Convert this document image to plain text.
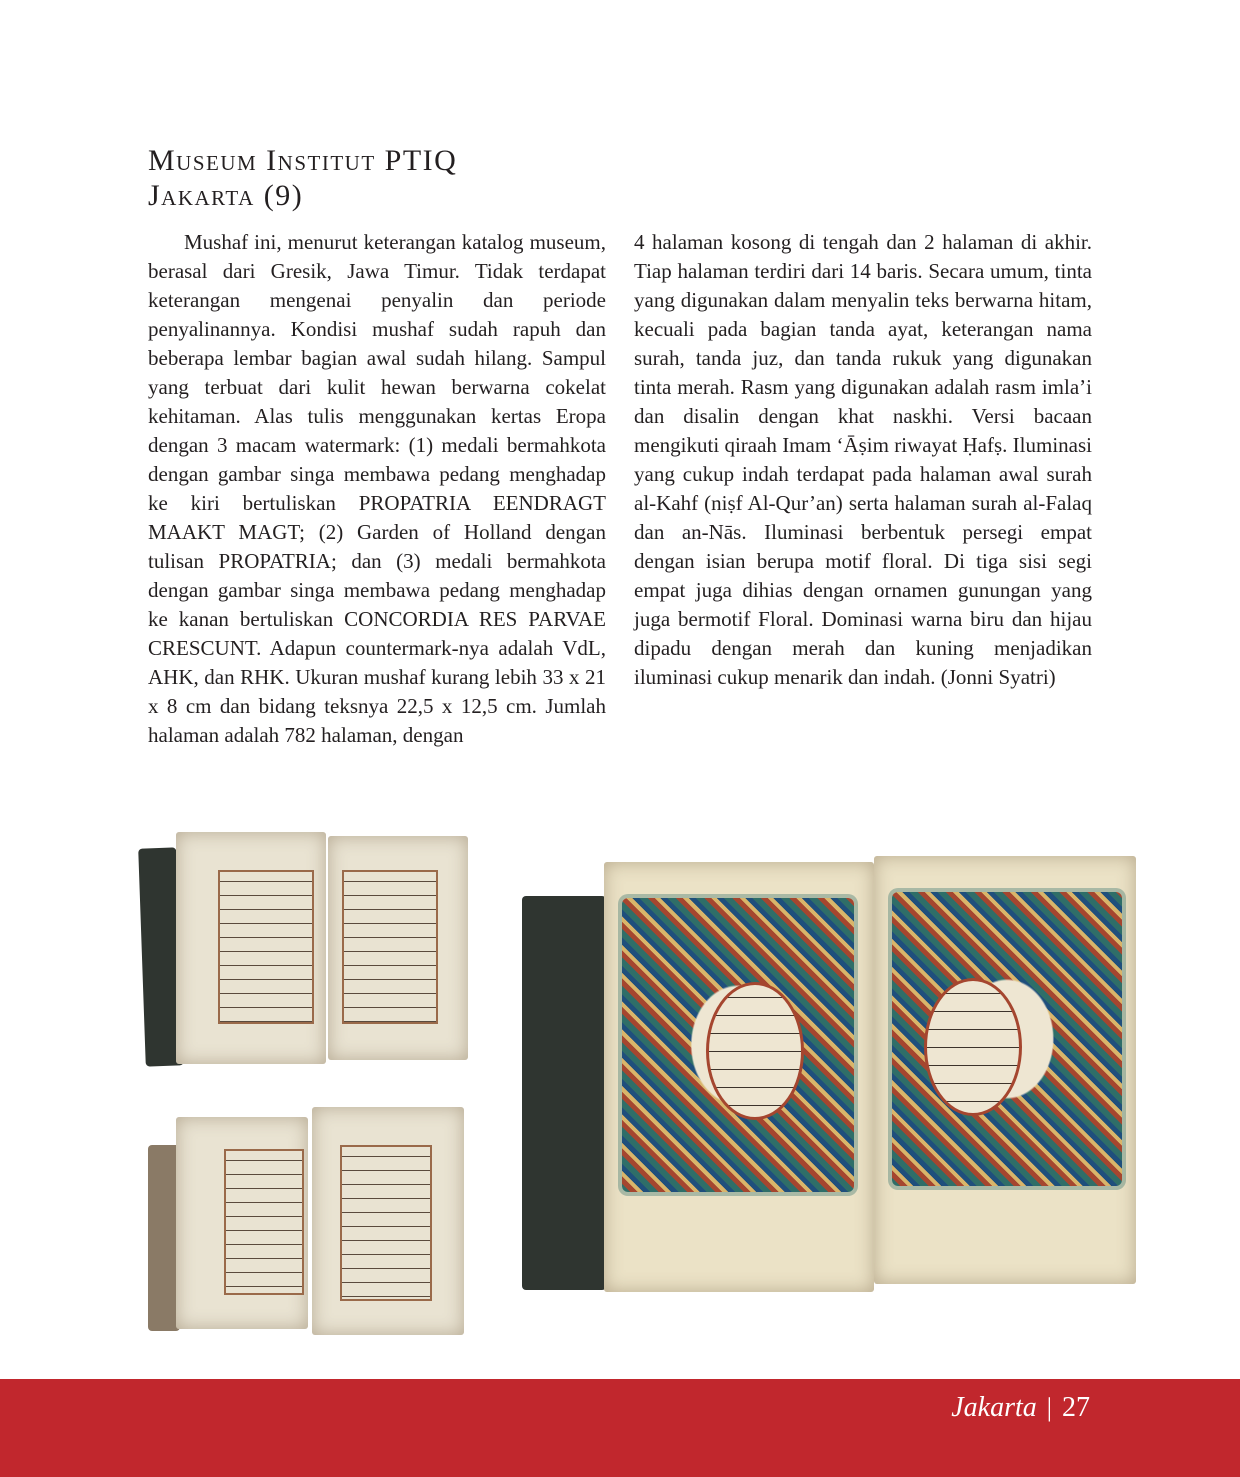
Museum Institut PTIQ
Jakarta (9)

Mushaf ini, menurut keterangan katalog museum, berasal dari Gresik, Jawa Timur. Tidak terdapat keterangan mengenai penyalin dan periode penyalinannya. Kondisi mushaf sudah rapuh dan beberapa lembar bagian awal sudah hilang. Sampul yang terbuat dari kulit hewan berwarna cokelat kehitaman. Alas tulis menggunakan kertas Eropa dengan 3 macam watermark: (1) medali bermahkota dengan gambar singa membawa pedang menghadap ke kiri bertuliskan PROPATRIA EENDRAGT MAAKT MAGT; (2) Garden of Holland dengan tulisan PROPATRIA; dan (3) medali bermahkota dengan gambar singa membawa pedang menghadap ke kanan bertuliskan CONCORDIA RES PARVAE CRESCUNT. Adapun countermark-nya adalah VdL, AHK, dan RHK. Ukuran mushaf kurang lebih 33 x 21 x 8 cm dan bidang teksnya 22,5 x 12,5 cm. Jumlah halaman adalah 782 halaman, dengan

4 halaman kosong di tengah dan 2 halaman di akhir. Tiap halaman terdiri dari 14 baris. Secara umum, tinta yang digunakan dalam menyalin teks berwarna hitam, kecuali pada bagian tanda ayat, keterangan nama surah, tanda juz, dan tanda rukuk yang digunakan tinta merah. Rasm yang digunakan adalah rasm imla’i dan disalin dengan khat naskhi. Versi bacaan mengikuti qiraah Imam ‘Āṣim riwayat Ḥafṣ. Iluminasi yang cukup indah terdapat pada halaman awal surah al-Kahf (niṣf Al-Qur’an) serta halaman surah al-Falaq dan an-Nās. Iluminasi berbentuk persegi empat dengan isian berupa motif floral. Di tiga sisi segi empat juga dihias dengan ornamen gunungan yang juga bermotif Floral. Dominasi warna biru dan hijau dipadu dengan merah dan kuning menjadikan iluminasi cukup menarik dan indah. (Jonni Syatri)

Jakarta | 27
